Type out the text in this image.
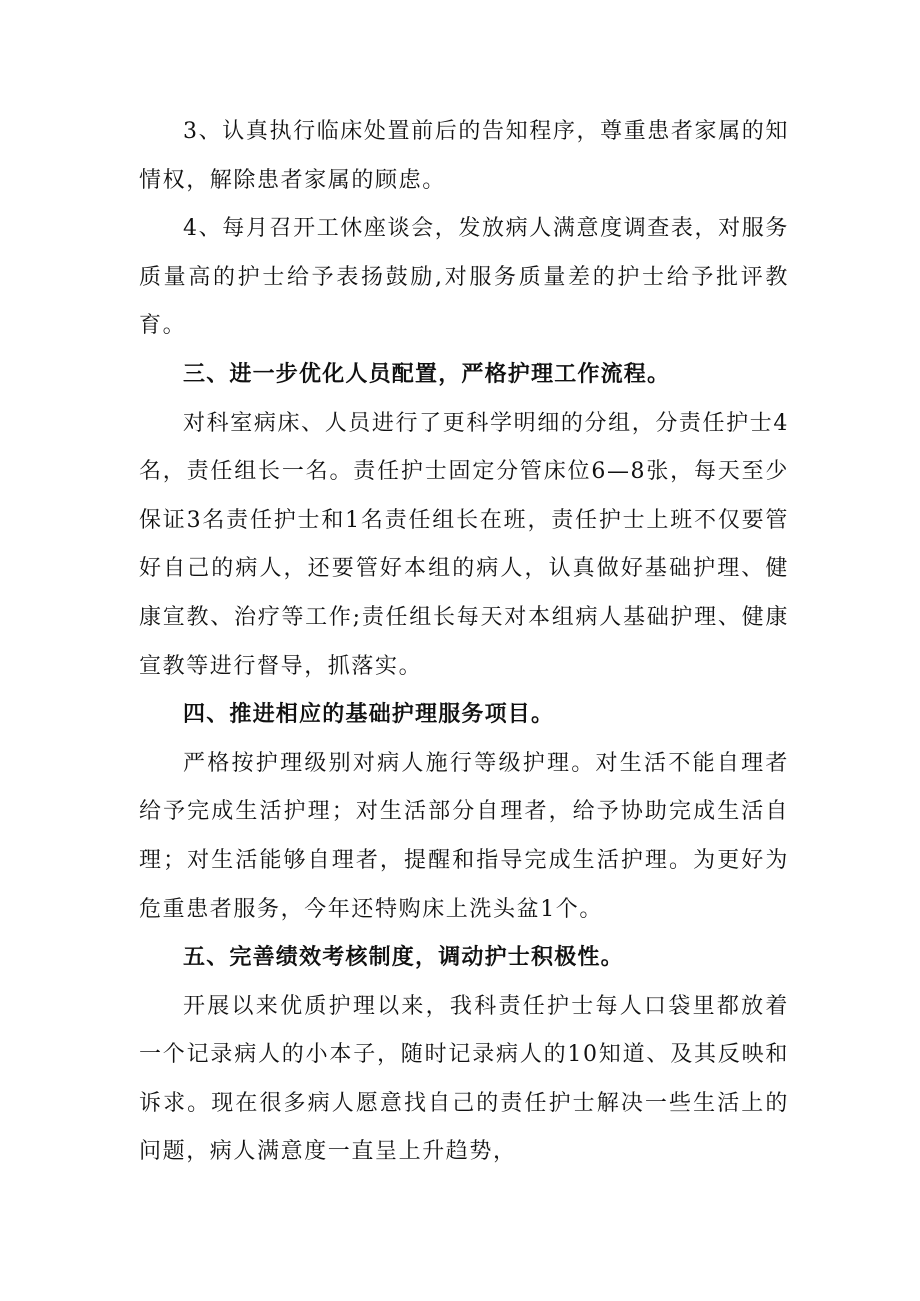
3、认真执行临床处置前后的告知程序，尊重患者家属的知情权，解除患者家属的顾虑。

4、每月召开工休座谈会，发放病人满意度调查表，对服务质量高的护士给予表扬鼓励,对服务质量差的护士给予批评教育。

三、进一步优化人员配置，严格护理工作流程。

对科室病床、人员进行了更科学明细的分组，分责任护士4名，责任组长一名。责任护士固定分管床位6—8张，每天至少保证3名责任护士和1名责任组长在班，责任护士上班不仅要管好自己的病人，还要管好本组的病人，认真做好基础护理、健康宣教、治疗等工作;责任组长每天对本组病人基础护理、健康宣教等进行督导，抓落实。

四、推进相应的基础护理服务项目。

严格按护理级别对病人施行等级护理。对生活不能自理者给予完成生活护理；对生活部分自理者，给予协助完成生活自理；对生活能够自理者，提醒和指导完成生活护理。为更好为危重患者服务，今年还特购床上洗头盆1个。

五、完善绩效考核制度，调动护士积极性。

开展以来优质护理以来，我科责任护士每人口袋里都放着一个记录病人的小本子，随时记录病人的10知道、及其反映和诉求。现在很多病人愿意找自己的责任护士解决一些生活上的问题，病人满意度一直呈上升趋势，
